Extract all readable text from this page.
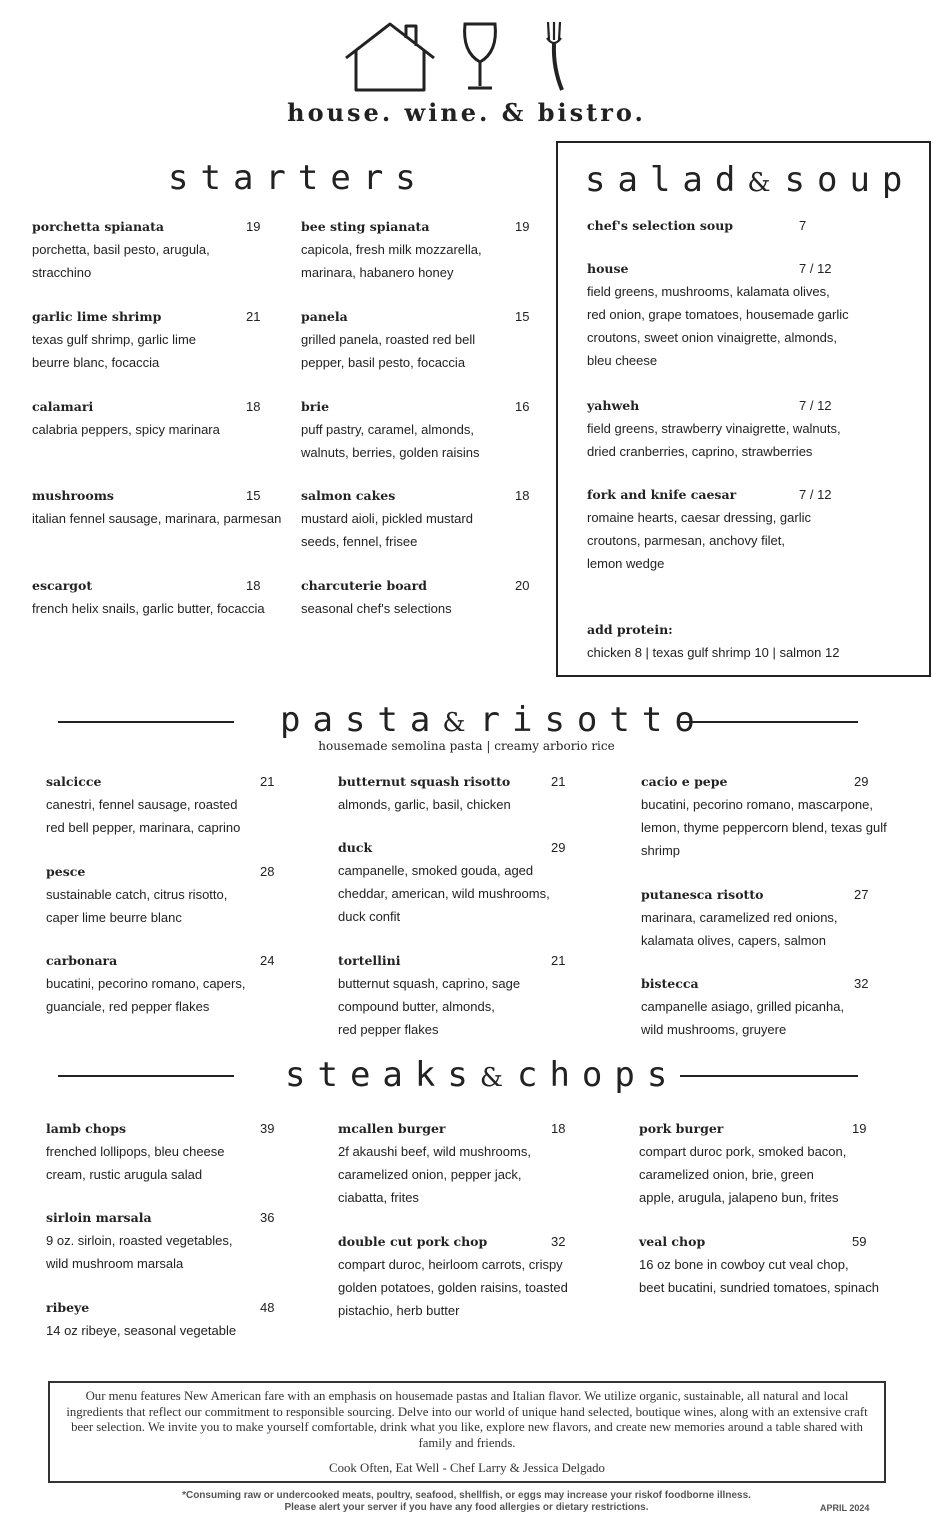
house. wine. & bistro.
starters
porchetta spianata	19
porchetta, basil pesto, arugula,
stracchino
garlic lime shrimp	21
texas gulf shrimp, garlic lime
beurre blanc, focaccia
calamari	18
calabria peppers, spicy marinara
mushrooms	15
italian fennel sausage, marinara, parmesan
escargot	18
french helix snails, garlic butter, focaccia
bee sting spianata	19
capicola, fresh milk mozzarella,
marinara, habanero honey
panela	15
grilled panela, roasted red bell
pepper, basil pesto, focaccia
brie	16
puff pastry, caramel, almonds,
walnuts, berries, golden raisins
salmon cakes	18
mustard aioli, pickled mustard
seeds, fennel, frisee
charcuterie board	20
seasonal chef's selections
salad& soup
chef's selection soup	7
house	7 / 12
field greens, mushrooms, kalamata olives,
red onion, grape tomatoes, housemade garlic
croutons, sweet onion vinaigrette, almonds,
bleu cheese
yahweh	7 / 12
field greens, strawberry vinaigrette, walnuts,
dried cranberries, caprino, strawberries
fork and knife caesar	7 / 12
romaine hearts, caesar dressing, garlic
croutons, parmesan, anchovy filet,
lemon wedge
add protein:
chicken 8 | texas gulf shrimp 10 | salmon 12
pasta& risotto
housemade semolina pasta | creamy arborio rice
salcicce	21
canestri, fennel sausage, roasted
red bell pepper, marinara, caprino
pesce	28
sustainable catch, citrus risotto,
caper lime beurre blanc
carbonara	24
bucatini, pecorino romano, capers,
guanciale, red pepper flakes
butternut squash risotto	21
almonds, garlic, basil, chicken
duck	29
campanelle, smoked gouda, aged
cheddar, american, wild mushrooms,
duck confit
tortellini	21
butternut squash, caprino, sage
compound butter, almonds,
red pepper flakes
cacio e pepe	29
bucatini, pecorino romano, mascarpone,
lemon, thyme peppercorn blend, texas gulf
shrimp
putanesca risotto	27
marinara, caramelized red onions,
kalamata olives, capers, salmon
bistecca	32
campanelle asiago, grilled picanha,
wild mushrooms, gruyere
steaks& chops
lamb chops	39
frenched lollipops, bleu cheese
cream, rustic arugula salad
sirloin marsala	36
9 oz. sirloin, roasted vegetables,
wild mushroom marsala
ribeye	48
14 oz ribeye, seasonal vegetable
mcallen burger	18
2f akaushi beef, wild mushrooms,
caramelized onion, pepper jack,
ciabatta, frites
double cut pork chop	32
compart duroc, heirloom carrots, crispy
golden potatoes, golden raisins, toasted
pistachio, herb butter
pork burger	19
compart duroc pork, smoked bacon,
caramelized onion, brie, green
apple, arugula, jalapeno bun, frites
veal chop	59
16 oz bone in cowboy cut veal chop,
beet bucatini, sundried tomatoes, spinach
Our menu features New American fare with an emphasis on housemade pastas and Italian flavor. We utilize organic, sustainable, all natural and local ingredients that reflect our commitment to responsible sourcing. Delve into our world of unique hand selected, boutique wines, along with an extensive craft beer selection. We invite you to make yourself comfortable, drink what you like, explore new flavors, and create new memories around a table shared with family and friends.
Cook Often, Eat Well - Chef Larry & Jessica Delgado
*Consuming raw or undercooked meats, poultry, seafood, shellfish, or eggs may increase your riskof foodborne illness.
Please alert your server if you have any food allergies or dietary restrictions.	APRIL 2024
